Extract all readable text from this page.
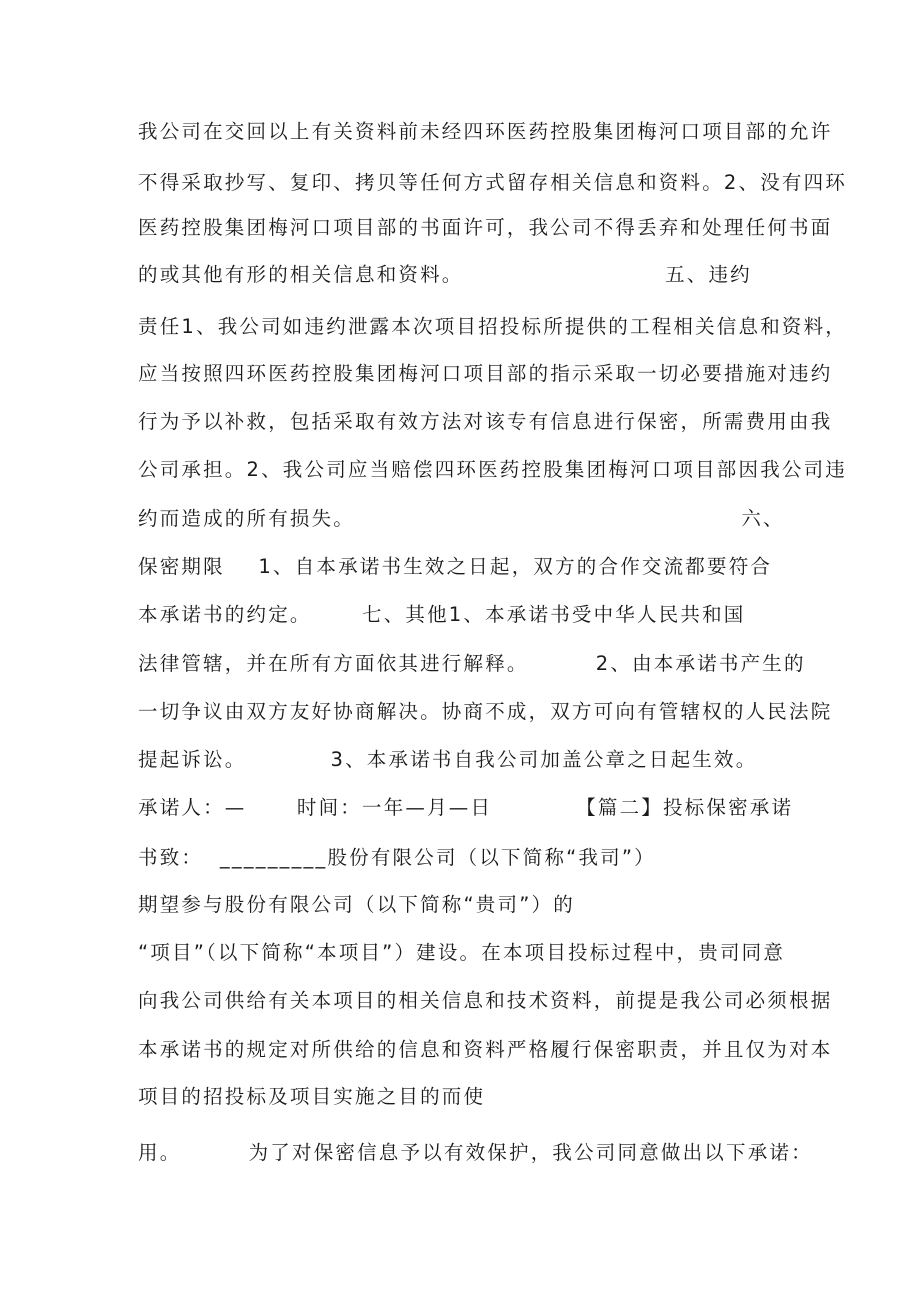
我公司在交回以上有关资料前未经四环医药控股集团梅河口项目部的允许
不得采取抄写、复印、拷贝等任何方式留存相关信息和资料。2、没有四环
医药控股集团梅河口项目部的书面许可，我公司不得丢弃和处理任何书面
的或其他有形的相关信息和资料。                        五、违约
责任1、我公司如违约泄露本次项目招投标所提供的工程相关信息和资料，
应当按照四环医药控股集团梅河口项目部的指示采取一切必要措施对违约
行为予以补救，包括采取有效方法对该专有信息进行保密，所需费用由我
公司承担。2、我公司应当赔偿四环医药控股集团梅河口项目部因我公司违
约而造成的所有损失。                                              六、
保密期限    1、自本承诺书生效之日起，双方的合作交流都要符合
本承诺书的约定。      七、其他1、本承诺书受中华人民共和国
法律管辖，并在所有方面依其进行解释。        2、由本承诺书产生的
一切争议由双方友好协商解决。协商不成，双方可向有管辖权的人民法院
提起诉讼。          3、本承诺书自我公司加盖公章之日起生效。
承诺人：—      时间：一年—月—日          【篇二】投标保密承诺
书致：  _________股份有限公司（以下简称“我司”）
期望参与股份有限公司（以下简称“贵司”）的
“项目”（以下简称“本项目”）建设。在本项目投标过程中，贵司同意
向我公司供给有关本项目的相关信息和技术资料，前提是我公司必须根据
本承诺书的规定对所供给的信息和资料严格履行保密职责，并且仅为对本
项目的招投标及项目实施之目的而使
用。        为了对保密信息予以有效保护，我公司同意做出以下承诺：
